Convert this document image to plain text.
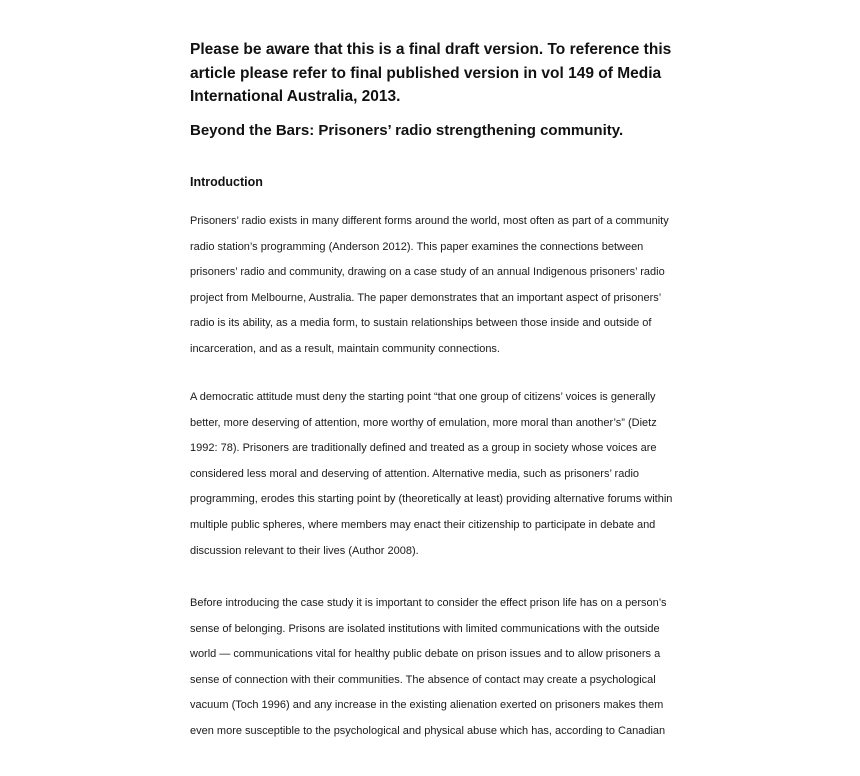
Please be aware that this is a final draft version. To reference this article please refer to final published version in vol 149 of Media International Australia, 2013.

Beyond the Bars: Prisoners’ radio strengthening community.
Introduction

Prisoners’ radio exists in many different forms around the world, most often as part of a community radio station’s programming (Anderson 2012). This paper examines the connections between prisoners’ radio and community, drawing on a case study of an annual Indigenous prisoners’ radio project from Melbourne, Australia. The paper demonstrates that an important aspect of prisoners’ radio is its ability, as a media form, to sustain relationships between those inside and outside of incarceration, and as a result, maintain community connections.

A democratic attitude must deny the starting point “that one group of citizens’ voices is generally better, more deserving of attention, more worthy of emulation, more moral than another’s” (Dietz 1992: 78). Prisoners are traditionally defined and treated as a group in society whose voices are considered less moral and deserving of attention. Alternative media, such as prisoners’ radio programming, erodes this starting point by (theoretically at least) providing alternative forums within multiple public spheres, where members may enact their citizenship to participate in debate and discussion relevant to their lives (Author 2008).

Before introducing the case study it is important to consider the effect prison life has on a person’s sense of belonging. Prisons are isolated institutions with limited communications with the outside world — communications vital for healthy public debate on prison issues and to allow prisoners a sense of connection with their communities. The absence of contact may create a psychological vacuum (Toch 1996) and any increase in the existing alienation exerted on prisoners makes them even more susceptible to the psychological and physical abuse which has, according to Canadian
